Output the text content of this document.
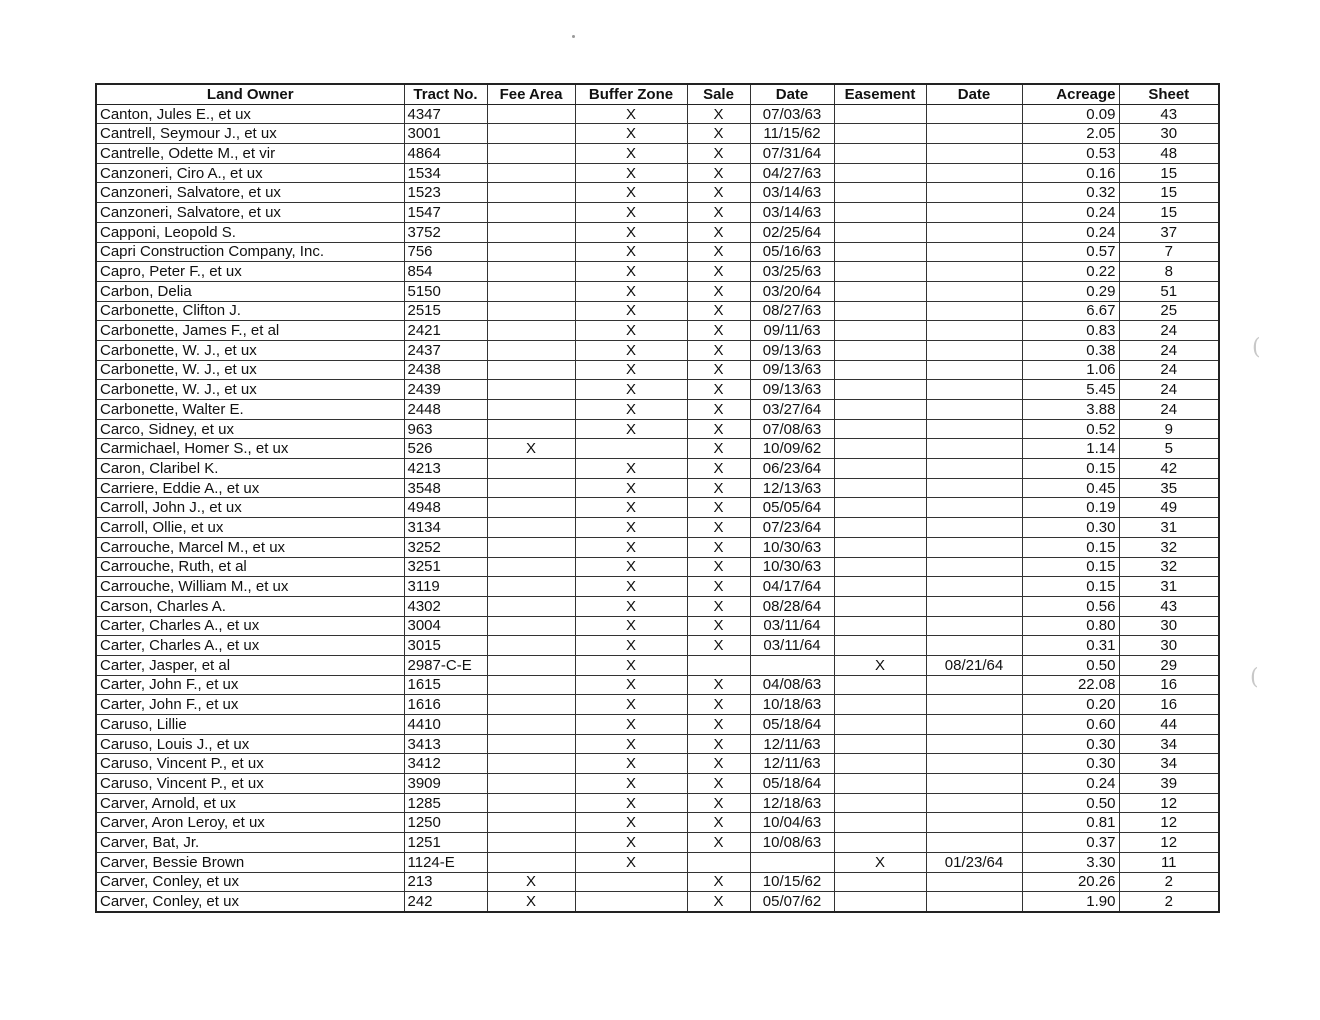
(
(
Land Owner	Tract No.	Fee Area	Buffer Zone	Sale	Date	Easement	Date	Acreage	Sheet
Canton, Jules E., et ux	4347		X	X	07/03/63			0.09	43
Cantrell, Seymour J., et ux	3001		X	X	11/15/62			2.05	30
Cantrelle, Odette M., et vir	4864		X	X	07/31/64			0.53	48
Canzoneri, Ciro A., et ux	1534		X	X	04/27/63			0.16	15
Canzoneri, Salvatore, et ux	1523		X	X	03/14/63			0.32	15
Canzoneri, Salvatore, et ux	1547		X	X	03/14/63			0.24	15
Capponi, Leopold S.	3752		X	X	02/25/64			0.24	37
Capri Construction Company, Inc.	756		X	X	05/16/63			0.57	7
Capro, Peter F., et ux	854		X	X	03/25/63			0.22	8
Carbon, Delia	5150		X	X	03/20/64			0.29	51
Carbonette, Clifton J.	2515		X	X	08/27/63			6.67	25
Carbonette, James F., et al	2421		X	X	09/11/63			0.83	24
Carbonette, W. J., et ux	2437		X	X	09/13/63			0.38	24
Carbonette, W. J., et ux	2438		X	X	09/13/63			1.06	24
Carbonette, W. J., et ux	2439		X	X	09/13/63			5.45	24
Carbonette, Walter E.	2448		X	X	03/27/64			3.88	24
Carco, Sidney, et ux	963		X	X	07/08/63			0.52	9
Carmichael, Homer S., et ux	526	X		X	10/09/62			1.14	5
Caron, Claribel K.	4213		X	X	06/23/64			0.15	42
Carriere, Eddie A., et ux	3548		X	X	12/13/63			0.45	35
Carroll, John J., et ux	4948		X	X	05/05/64			0.19	49
Carroll, Ollie, et ux	3134		X	X	07/23/64			0.30	31
Carrouche, Marcel M., et ux	3252		X	X	10/30/63			0.15	32
Carrouche, Ruth, et al	3251		X	X	10/30/63			0.15	32
Carrouche, William M., et ux	3119		X	X	04/17/64			0.15	31
Carson, Charles A.	4302		X	X	08/28/64			0.56	43
Carter, Charles A., et ux	3004		X	X	03/11/64			0.80	30
Carter, Charles A., et ux	3015		X	X	03/11/64			0.31	30
Carter, Jasper, et al	2987-C-E		X			X	08/21/64	0.50	29
Carter, John F., et ux	1615		X	X	04/08/63			22.08	16
Carter, John F., et ux	1616		X	X	10/18/63			0.20	16
Caruso, Lillie	4410		X	X	05/18/64			0.60	44
Caruso, Louis J., et ux	3413		X	X	12/11/63			0.30	34
Caruso, Vincent P., et ux	3412		X	X	12/11/63			0.30	34
Caruso, Vincent P., et ux	3909		X	X	05/18/64			0.24	39
Carver, Arnold, et ux	1285		X	X	12/18/63			0.50	12
Carver, Aron Leroy, et ux	1250		X	X	10/04/63			0.81	12
Carver, Bat, Jr.	1251		X	X	10/08/63			0.37	12
Carver, Bessie Brown	1124-E		X			X	01/23/64	3.30	11
Carver, Conley, et ux	213	X		X	10/15/62			20.26	2
Carver, Conley, et ux	242	X		X	05/07/62			1.90	2
